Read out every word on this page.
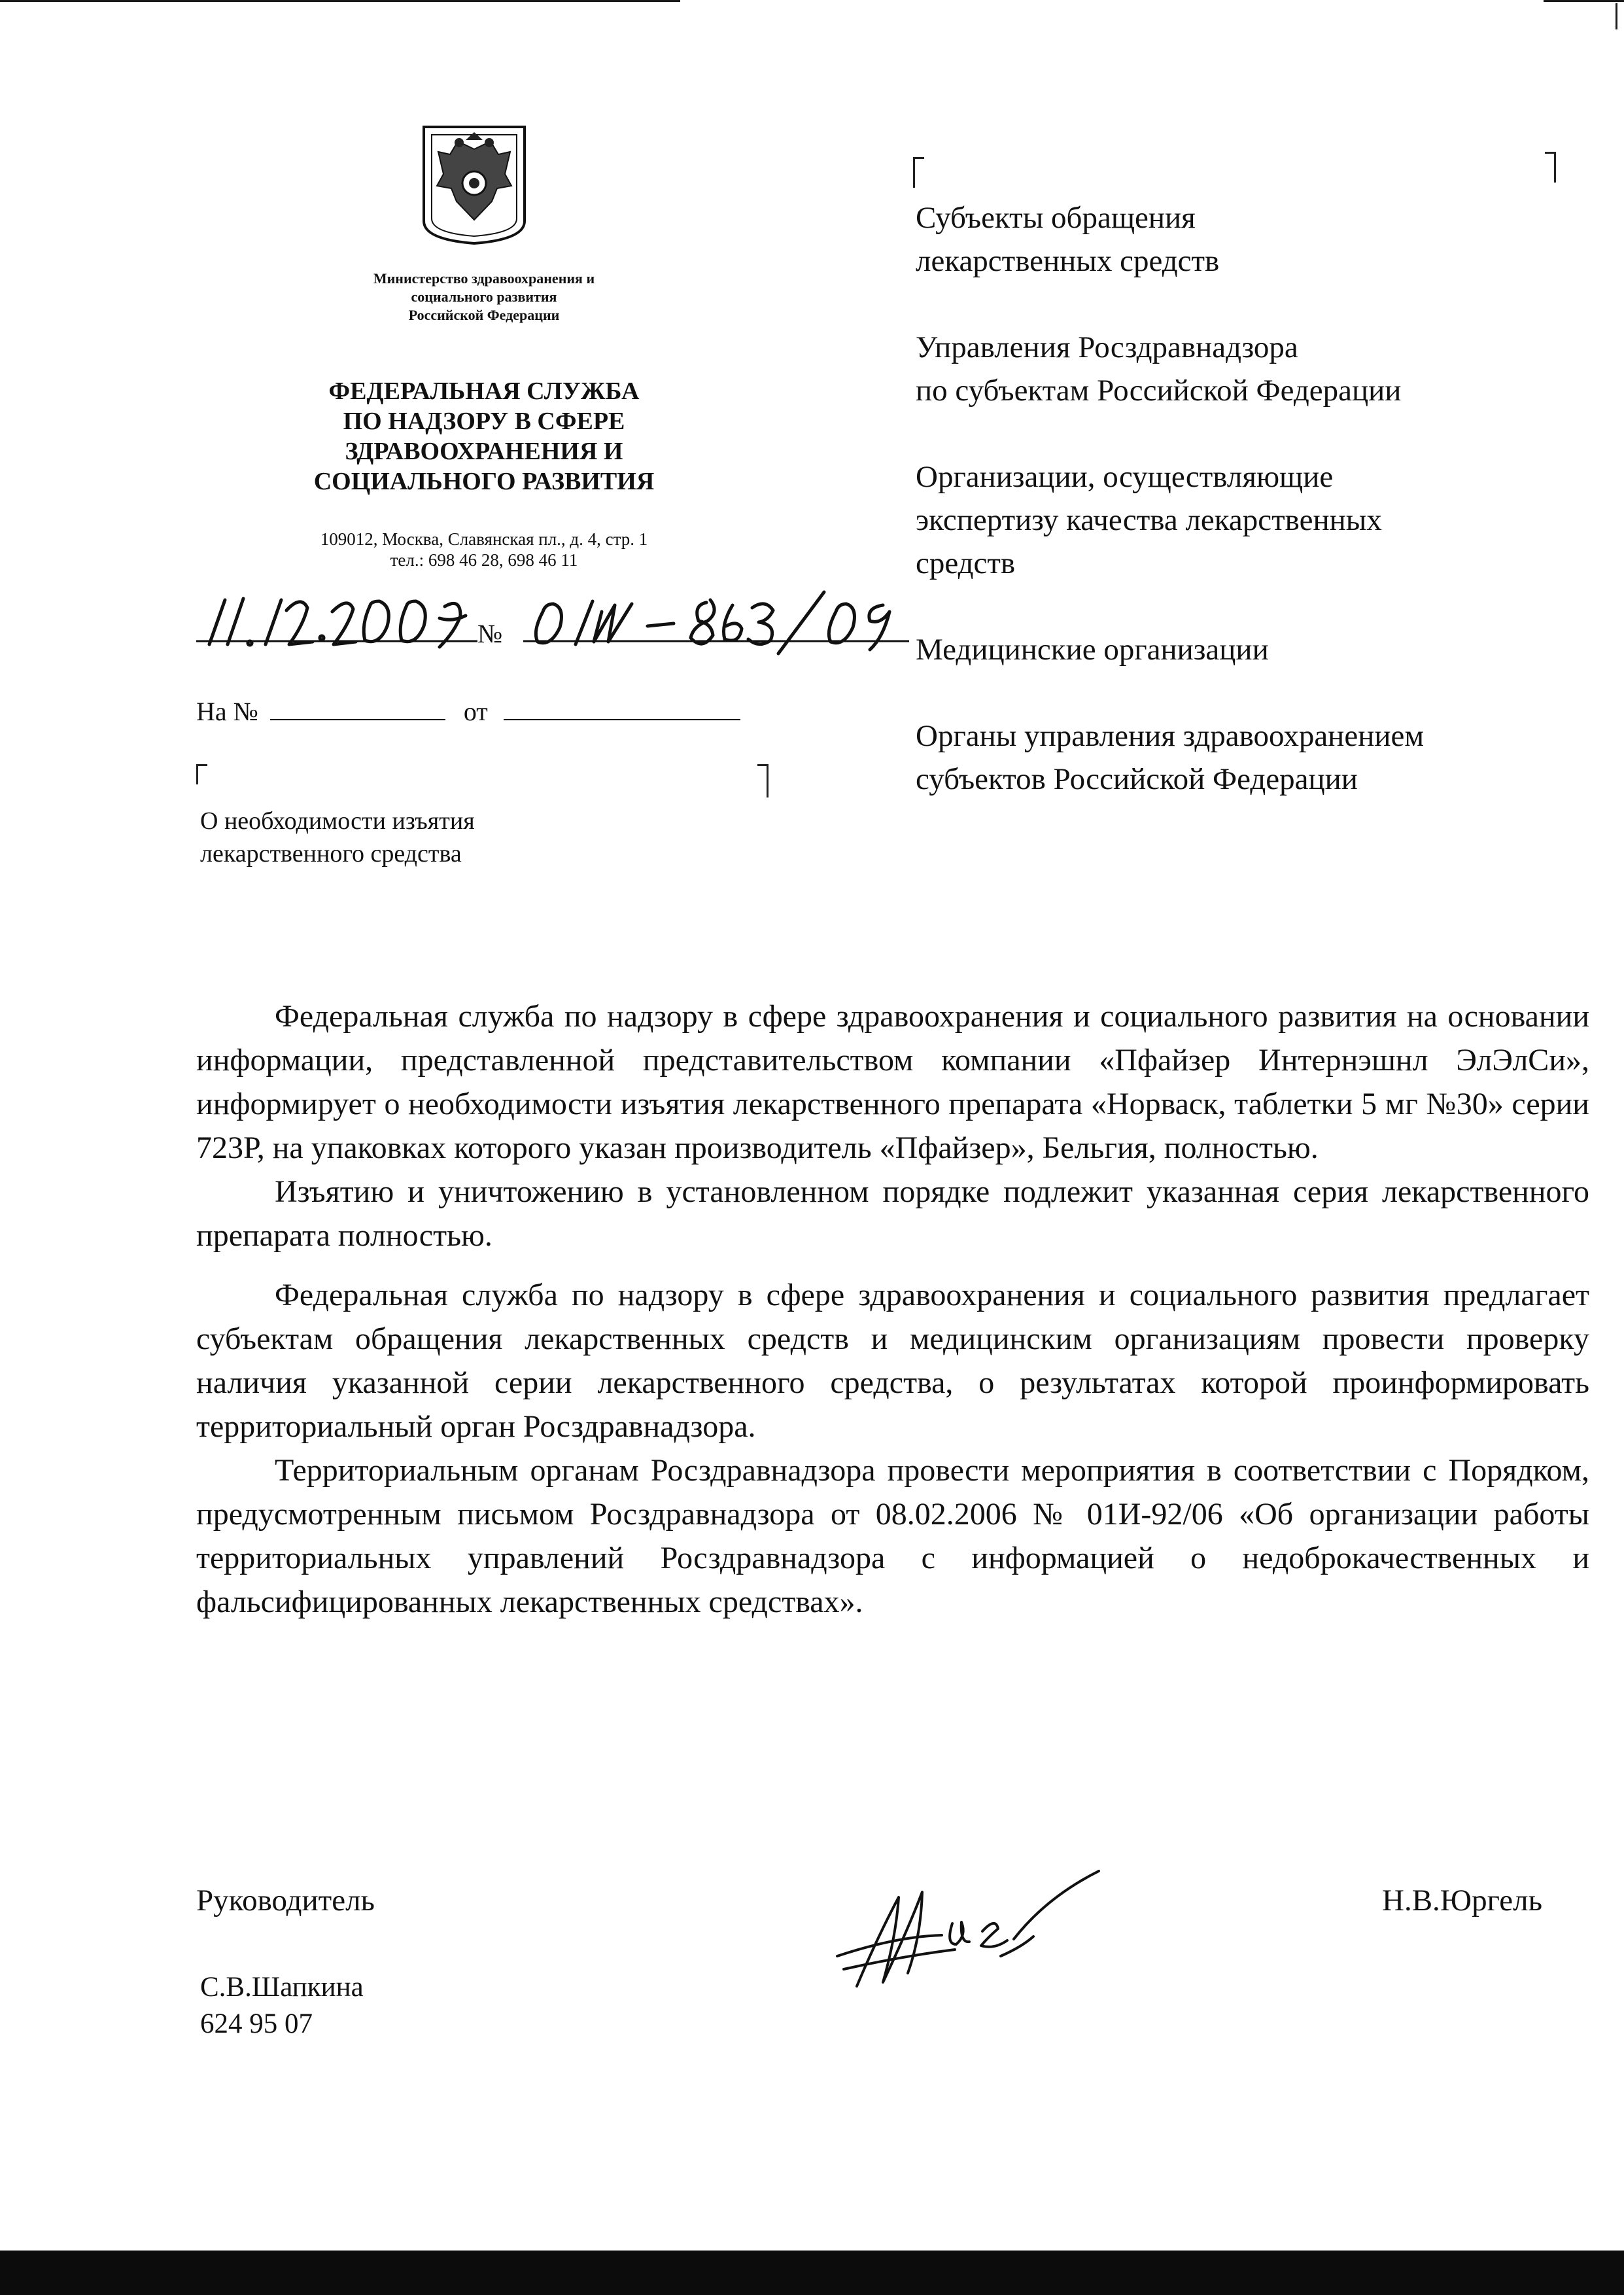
Министерство здравоохранения и
социального развития
Российской Федерации
ФЕДЕРАЛЬНАЯ СЛУЖБА
ПО НАДЗОРУ В СФЕРЕ
ЗДРАВООХРАНЕНИЯ И
СОЦИАЛЬНОГО РАЗВИТИЯ
109012, Москва, Славянская пл., д. 4, стр. 1
тел.: 698 46 28, 698 46 11
№
На №	от
О необходимости изъятия
лекарственного средства
Субъекты обращения
лекарственных средств
Управления Росздравнадзора
по субъектам Российской Федерации
Организации, осуществляющие
экспертизу качества лекарственных
средств
Медицинские организации
Органы управления здравоохранением
субъектов Российской Федерации

Федеральная служба по надзору в сфере здравоохранения и социального развития на основании информации, представленной представительством компании «Пфайзер Интернэшнл ЭлЭлСи», информирует о необходимости изъятия лекарственного препарата «Норваск, таблетки 5 мг №30» серии 723Р, на упаковках которого указан производитель «Пфайзер», Бельгия, полностью.

Изъятию и уничтожению в установленном порядке подлежит указанная серия лекарственного препарата полностью.

Федеральная служба по надзору в сфере здравоохранения и социального развития предлагает субъектам обращения лекарственных средств и медицинским организациям провести проверку наличия указанной серии лекарственного средства, о результатах которой проинформировать территориальный орган Росздравнадзора.

Территориальным органам Росздравнадзора провести мероприятия в соответствии с Порядком, предусмотренным письмом Росздравнадзора от 08.02.2006 № 01И-92/06 «Об организации работы территориальных управлений Росздравнадзора с информацией о недоброкачественных и фальсифицированных лекарственных средствах».

Руководитель	Н.В.Юргель
С.В.Шапкина
624 95 07
